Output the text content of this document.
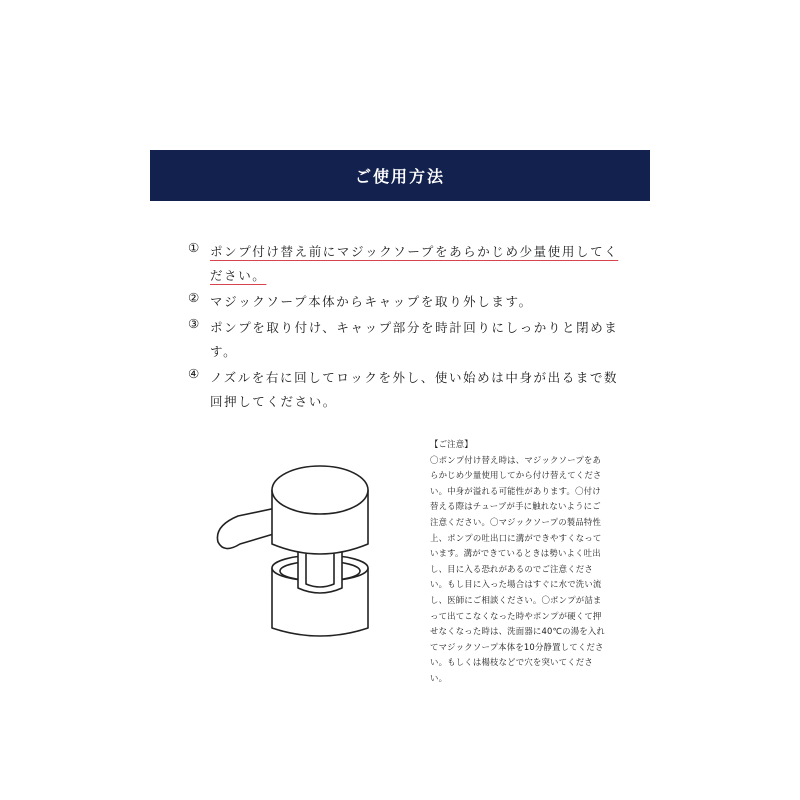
ご使用方法
① ポンプ付け替え前にマジックソープをあらかじめ少量使用してください。
② マジックソープ本体からキャップを取り外します。
③ ポンプを取り付け、キャップ部分を時計回りにしっかりと閉めます。
④ ノズルを右に回してロックを外し、使い始めは中身が出るまで数回押してください。
【ご注意】
〇ポンプ付け替え時は、マジックソープをあらかじめ少量使用してから付け替えてください。中身が溢れる可能性があります。〇付け替える際はチューブが手に触れないようにご注意ください。〇マジックソープの製品特性上、ポンプの吐出口に溝ができやすくなっています。溝ができているときは勢いよく吐出し、目に入る恐れがあるのでご注意ください。もし目に入った場合はすぐに水で洗い流し、医師にご相談ください。〇ポンプが詰まって出てこなくなった時やポンプが硬くて押せなくなった時は、洗面器に40℃の湯を入れてマジックソープ本体を10分静置してください。もしくは楊枝などで穴を突いてください。
